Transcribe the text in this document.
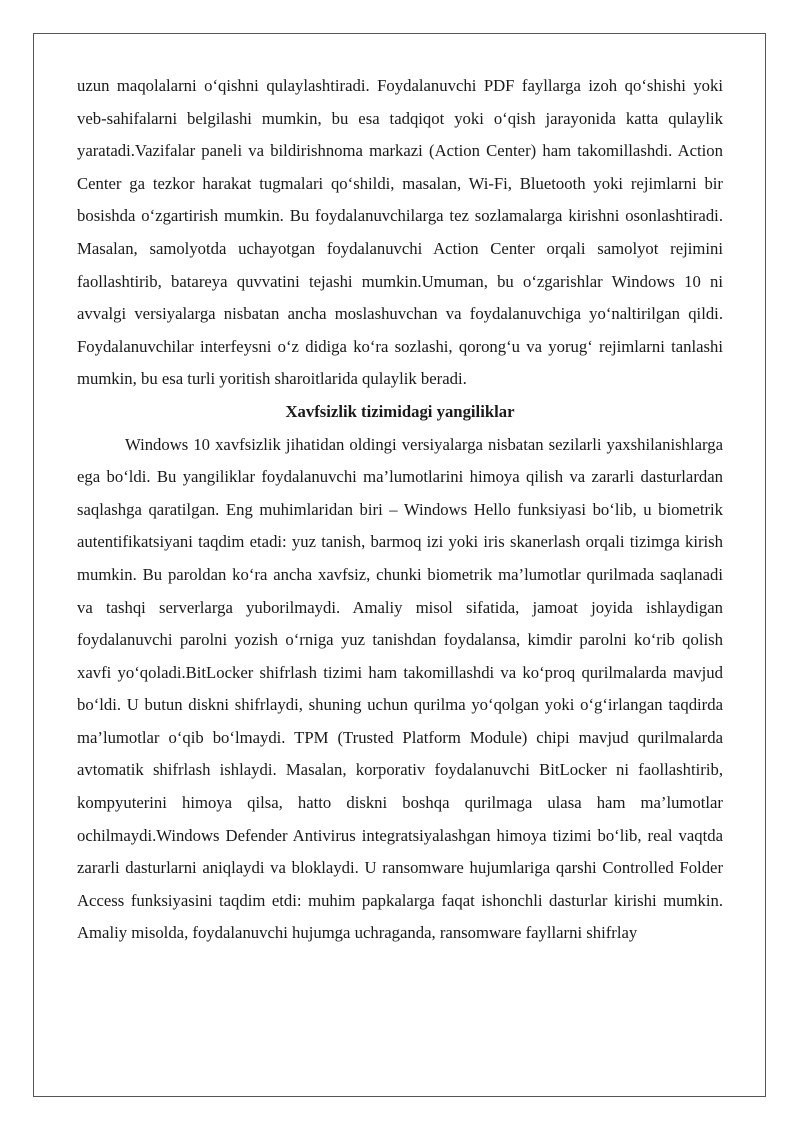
uzun maqolalarni o‘qishni qulaylashtiradi. Foydalanuvchi PDF fayllarga izoh qo‘shishi yoki veb-sahifalarni belgilashi mumkin, bu esa tadqiqot yoki o‘qish jarayonida katta qulaylik yaratadi.Vazifalar paneli va bildirishnoma markazi (Action Center) ham takomillashdi. Action Center ga tezkor harakat tugmalari qo‘shildi, masalan, Wi-Fi, Bluetooth yoki rejimlarni bir bosishda o‘zgartirish mumkin. Bu foydalanuvchilarga tez sozlamalarga kirishni osonlashtiradi. Masalan, samolyotda uchayotgan foydalanuvchi Action Center orqali samolyot rejimini faollashtirib, batareya quvvatini tejashi mumkin.Umuman, bu o‘zgarishlar Windows 10 ni avvalgi versiyalarga nisbatan ancha moslashuvchan va foydalanuvchiga yo‘naltirilgan qildi. Foydalanuvchilar interfeysni o‘z didiga ko‘ra sozlashi, qorong‘u va yorug‘ rejimlarni tanlashi mumkin, bu esa turli yoritish sharoitlarida qulaylik beradi.

Xavfsizlik tizimidagi yangiliklar

Windows 10 xavfsizlik jihatidan oldingi versiyalarga nisbatan sezilarli yaxshilanishlarga ega bo‘ldi. Bu yangiliklar foydalanuvchi ma’lumotlarini himoya qilish va zararli dasturlardan saqlashga qaratilgan. Eng muhimlaridan biri – Windows Hello funksiyasi bo‘lib, u biometrik autentifikatsiyani taqdim etadi: yuz tanish, barmoq izi yoki iris skanerlash orqali tizimga kirish mumkin. Bu paroldan ko‘ra ancha xavfsiz, chunki biometrik ma’lumotlar qurilmada saqlanadi va tashqi serverlarga yuborilmaydi. Amaliy misol sifatida, jamoat joyida ishlaydigan foydalanuvchi parolni yozish o‘rniga yuz tanishdan foydalansa, kimdir parolni ko‘rib qolish xavfi yo‘qoladi.BitLocker shifrlash tizimi ham takomillashdi va ko‘proq qurilmalarda mavjud bo‘ldi. U butun diskni shifrlaydi, shuning uchun qurilma yo‘qolgan yoki o‘g‘irlangan taqdirda ma’lumotlar o‘qib bo‘lmaydi. TPM (Trusted Platform Module) chipi mavjud qurilmalarda avtomatik shifrlash ishlaydi. Masalan, korporativ foydalanuvchi BitLocker ni faollashtirib, kompyuterini himoya qilsa, hatto diskni boshqa qurilmaga ulasa ham ma’lumotlar ochilmaydi.Windows Defender Antivirus integratsiyalashgan himoya tizimi bo‘lib, real vaqtda zararli dasturlarni aniqlaydi va bloklaydi. U ransomware hujumlariga qarshi Controlled Folder Access funksiyasini taqdim etdi: muhim papkalarga faqat ishonchli dasturlar kirishi mumkin. Amaliy misolda, foydalanuvchi hujumga uchraganda, ransomware fayllarni shifrlay
